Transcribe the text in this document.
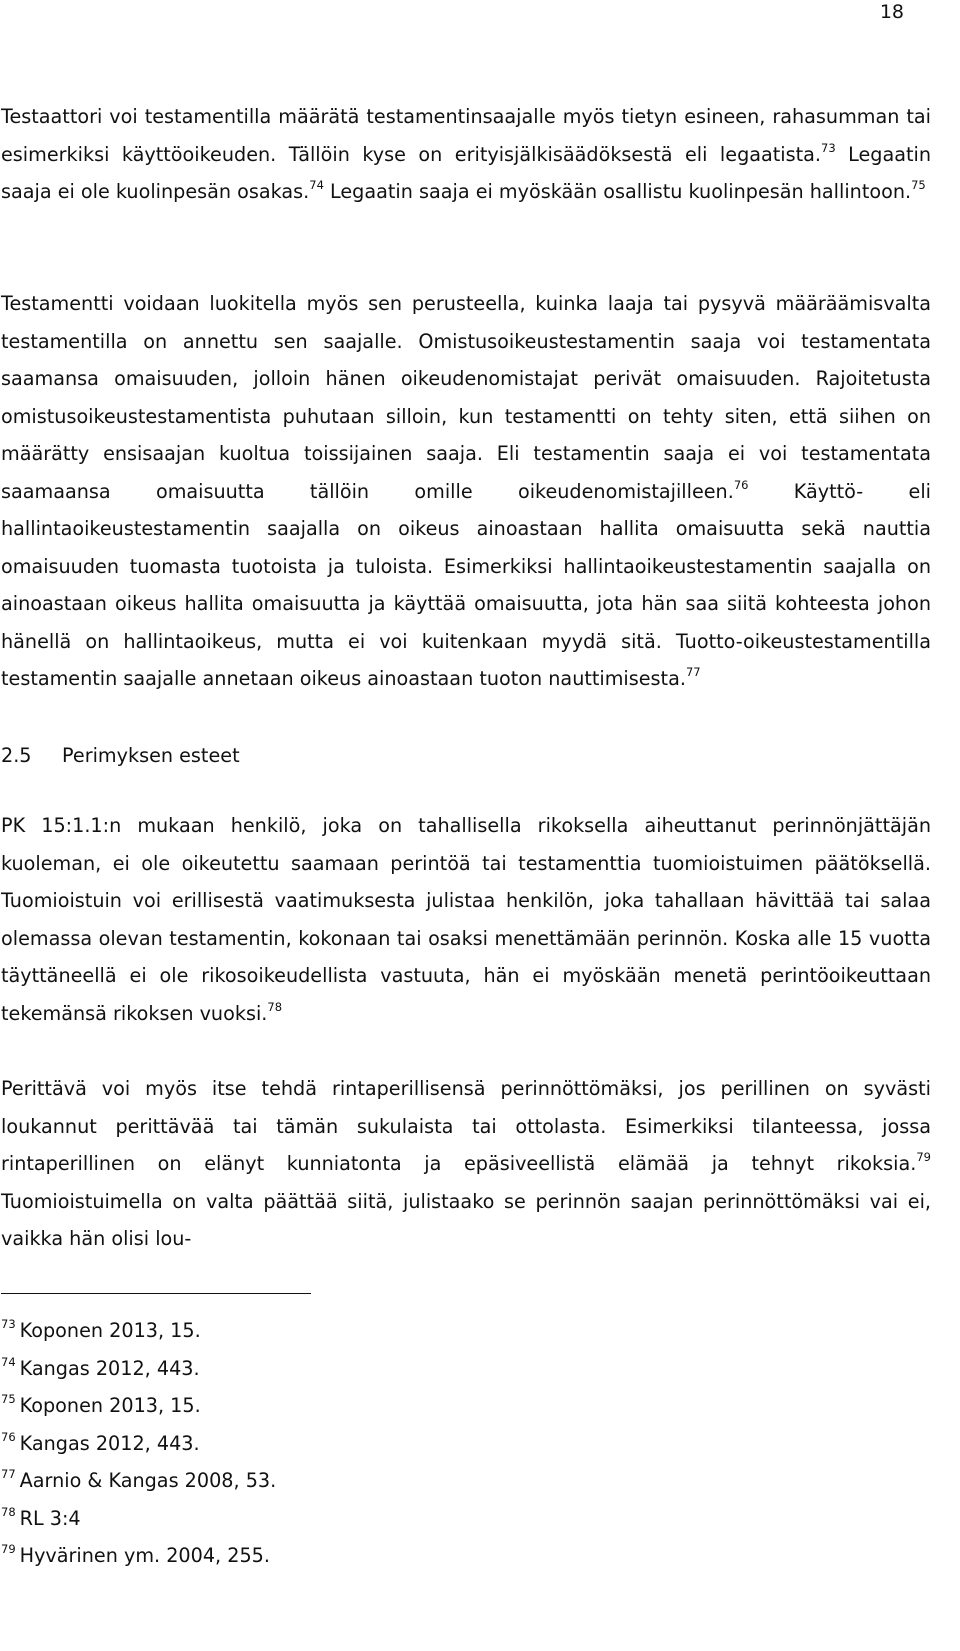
18

Testaattori voi testamentilla määrätä testamentinsaajalle myös tietyn esineen, rahasumman tai esimerkiksi käyttöoikeuden. Tällöin kyse on erityisjälkisäädöksestä eli legaatista.$^{73}$ Legaatin saaja ei ole kuolinpesän osakas.$^{74}$ Legaatin saaja ei myöskään osallistu kuolinpesän hallintoon.$^{75}$

Testamentti voidaan luokitella myös sen perusteella, kuinka laaja tai pysyvä määräämisvalta testamentilla on annettu sen saajalle. Omistusoikeustestamentin saaja voi testamentata saamansa omaisuuden, jolloin hänen oikeudenomistajat perivät omaisuuden. Rajoitetusta omistusoikeustestamentista puhutaan silloin, kun testamentti on tehty siten, että siihen on määrätty ensisaajan kuoltua toissijainen saaja. Eli testamentin saaja ei voi testamentata saamaansa omaisuutta tällöin omille oikeudenomistajilleen.$^{76}$ Käyttö- eli hallintaoikeustestamentin saajalla on oikeus ainoastaan hallita omaisuutta sekä nauttia omaisuuden tuomasta tuotoista ja tuloista. Esimerkiksi hallintaoikeustestamentin saajalla on ainoastaan oikeus hallita omaisuutta ja käyttää omaisuutta, jota hän saa siitä kohteesta johon hänellä on hallintaoikeus, mutta ei voi kuitenkaan myydä sitä. Tuotto-oikeustestamentilla testamentin saajalle annetaan oikeus ainoastaan tuoton nauttimisesta.$^{77}$

2.5 Perimyksen esteet

PK 15:1.1:n mukaan henkilö, joka on tahallisella rikoksella aiheuttanut perinnönjättäjän kuoleman, ei ole oikeutettu saamaan perintöä tai testamenttia tuomioistuimen päätöksellä. Tuomioistuin voi erillisestä vaatimuksesta julistaa henkilön, joka tahallaan hävittää tai salaa olemassa olevan testamentin, kokonaan tai osaksi menettämään perinnön. Koska alle 15 vuotta täyttäneellä ei ole rikosoikeudellista vastuuta, hän ei myöskään menetä perintöoikeuttaan tekemänsä rikoksen vuoksi.$^{78}$

Perittävä voi myös itse tehdä rintaperillisensä perinnöttömäksi, jos perillinen on syvästi loukannut perittävää tai tämän sukulaista tai ottolasta. Esimerkiksi tilanteessa, jossa rintaperillinen on elänyt kunniatonta ja epäsiveellistä elämää ja tehnyt rikoksia.$^{79}$ Tuomioistuimella on valta päättää siitä, julistaako se perinnön saajan perinnöttömäksi vai ei, vaikka hän olisi lou-

$^{73}$ Koponen 2013, 15.
$^{74}$ Kangas 2012, 443.
$^{75}$ Koponen 2013, 15.
$^{76}$ Kangas 2012, 443.
$^{77}$ Aarnio & Kangas 2008, 53.
$^{78}$ RL 3:4
$^{79}$ Hyvärinen ym. 2004, 255.
